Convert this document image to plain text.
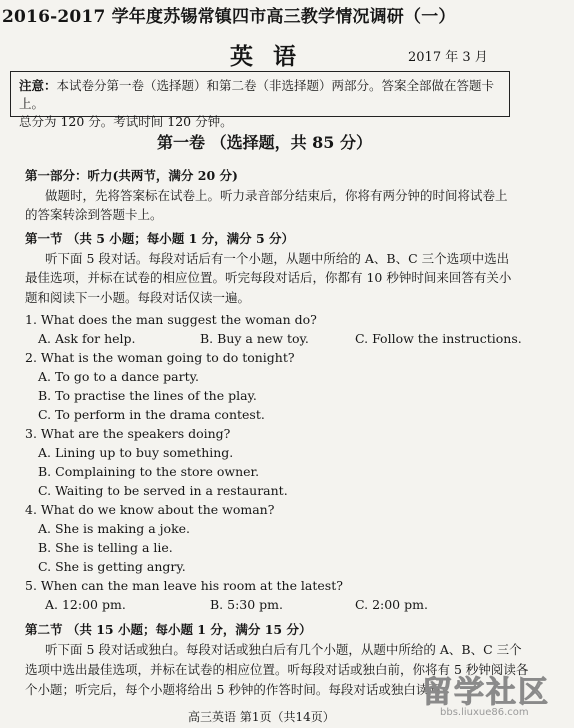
2016-2017 学年度苏锡常镇四市高三教学情况调研（一）
英语	2017 年 3 月
注意：本试卷分第一卷（选择题）和第二卷（非选择题）两部分。答案全部做在答题卡上。
总分为 120 分。考试时间 120 分钟。
第一卷 （选择题，共 85 分）
第一部分：听力(共两节，满分 20 分)
做题时，先将答案标在试卷上。听力录音部分结束后，你将有两分钟的时间将试卷上
的答案转涂到答题卡上。
第一节 （共 5 小题；每小题 1 分，满分 5 分）
听下面 5 段对话。每段对话后有一个小题，从题中所给的 A、B、C 三个选项中选出
最佳选项，并标在试卷的相应位置。听完每段对话后，你都有 10 秒钟时间来回答有关小
题和阅读下一小题。每段对话仅读一遍。
1. What does the man suggest the woman do?
A. Ask for help.	B. Buy a new toy.	C. Follow the instructions.
2. What is the woman going to do tonight?
A. To go to a dance party.
B. To practise the lines of the play.
C. To perform in the drama contest.
3. What are the speakers doing?
A. Lining up to buy something.
B. Complaining to the store owner.
C. Waiting to be served in a restaurant.
4. What do we know about the woman?
A. She is making a joke.
B. She is telling a lie.
C. She is getting angry.
5. When can the man leave his room at the latest?
A. 12:00 pm.	B. 5:30 pm.	C. 2:00 pm.
第二节 （共 15 小题；每小题 1 分，满分 15 分）
听下面 5 段对话或独白。每段对话或独白后有几个小题，从题中所给的 A、B、C 三个
选项中选出最佳选项，并标在试卷的相应位置。听每段对话或独白前，你将有 5 秒钟阅读各
个小题；听完后，每个小题将给出 5 秒钟的作答时间。每段对话或独白读两
高三英语 第1页（共14页）
留学社区
bbs.liuxue86.com
